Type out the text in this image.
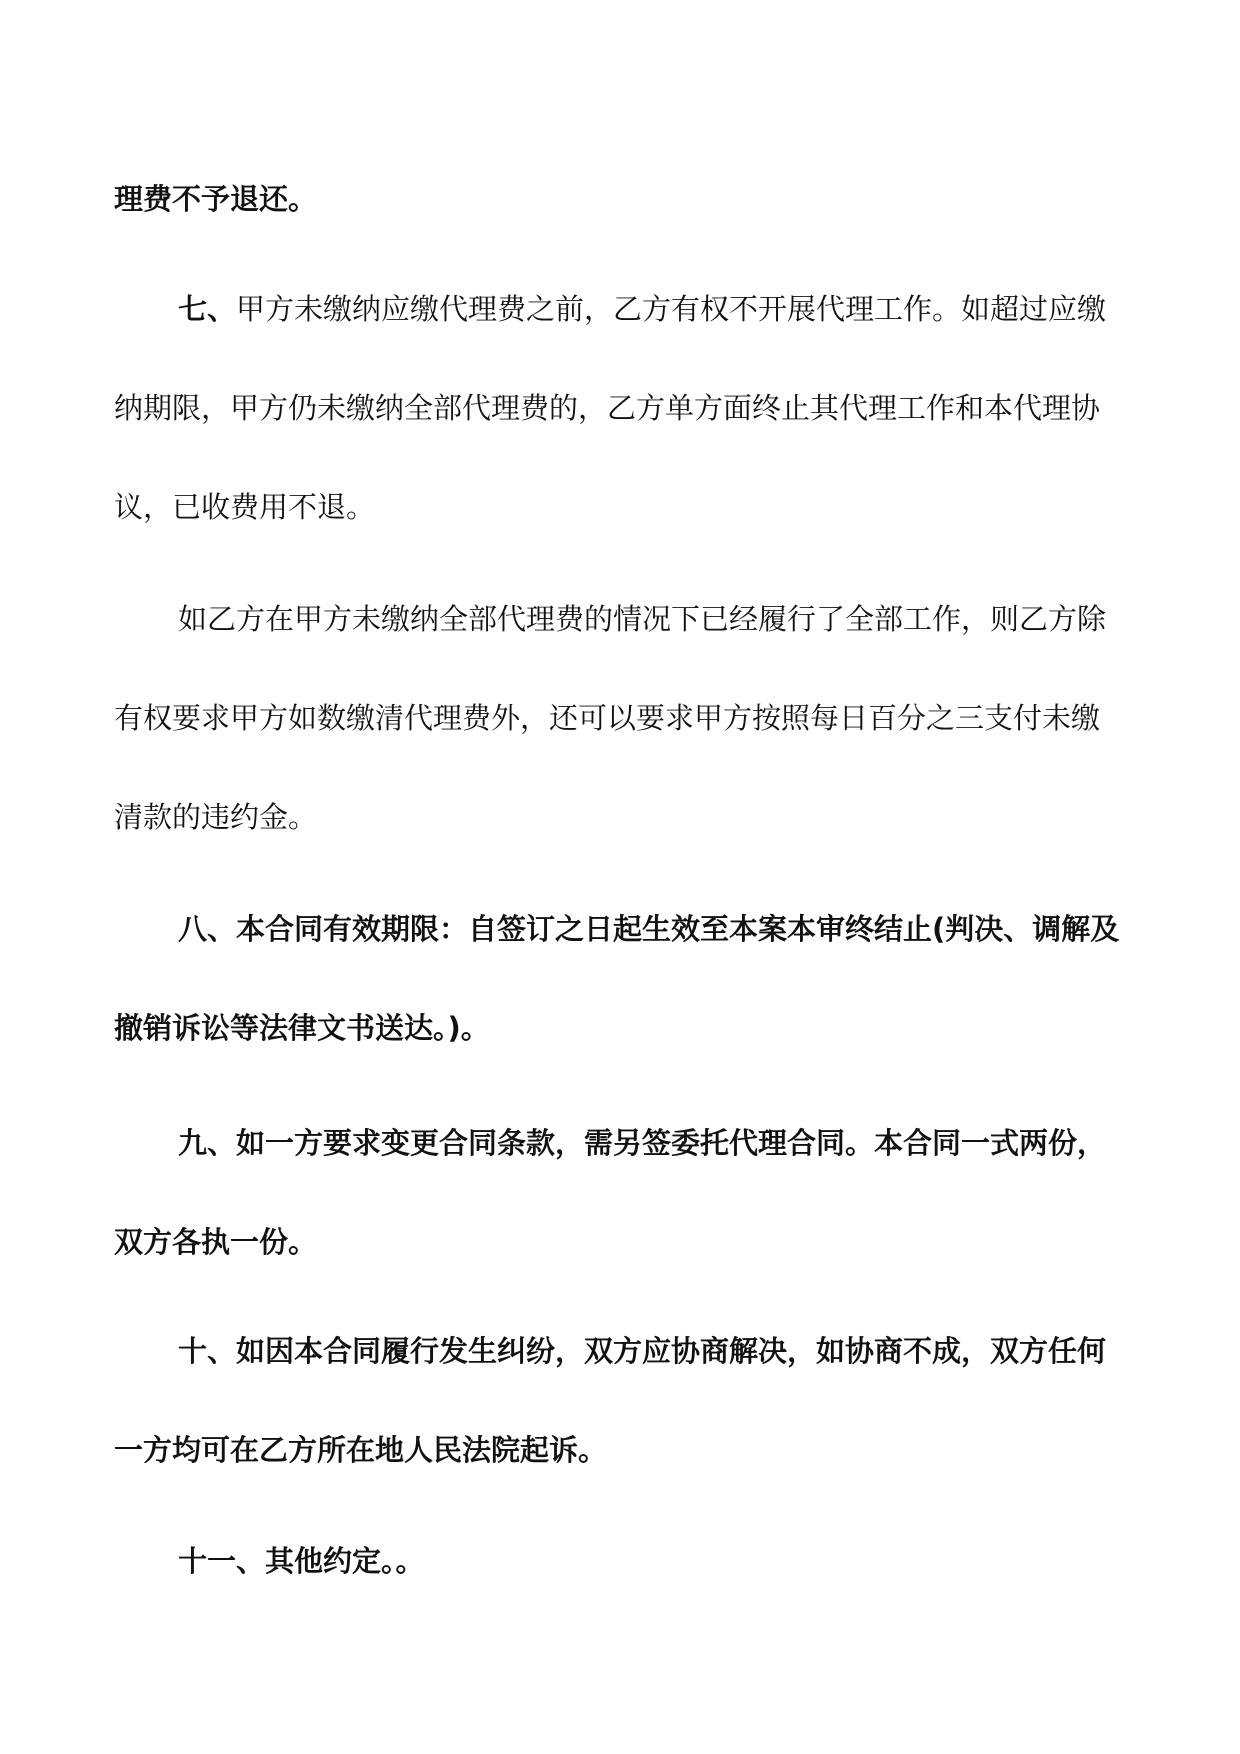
理费不予退还。

七、甲方未缴纳应缴代理费之前，乙方有权不开展代理工作。如超过应缴纳期限，甲方仍未缴纳全部代理费的，乙方单方面终止其代理工作和本代理协议，已收费用不退。

如乙方在甲方未缴纳全部代理费的情况下已经履行了全部工作，则乙方除有权要求甲方如数缴清代理费外，还可以要求甲方按照每日百分之三支付未缴清款的违约金。

八、本合同有效期限：自签订之日起生效至本案本审终结止(判决、调解及撤销诉讼等法律文书送达。)。

九、如一方要求变更合同条款，需另签委托代理合同。本合同一式两份，双方各执一份。

十、如因本合同履行发生纠纷，双方应协商解决，如协商不成，双方任何一方均可在乙方所在地人民法院起诉。

十一、其他约定。。
